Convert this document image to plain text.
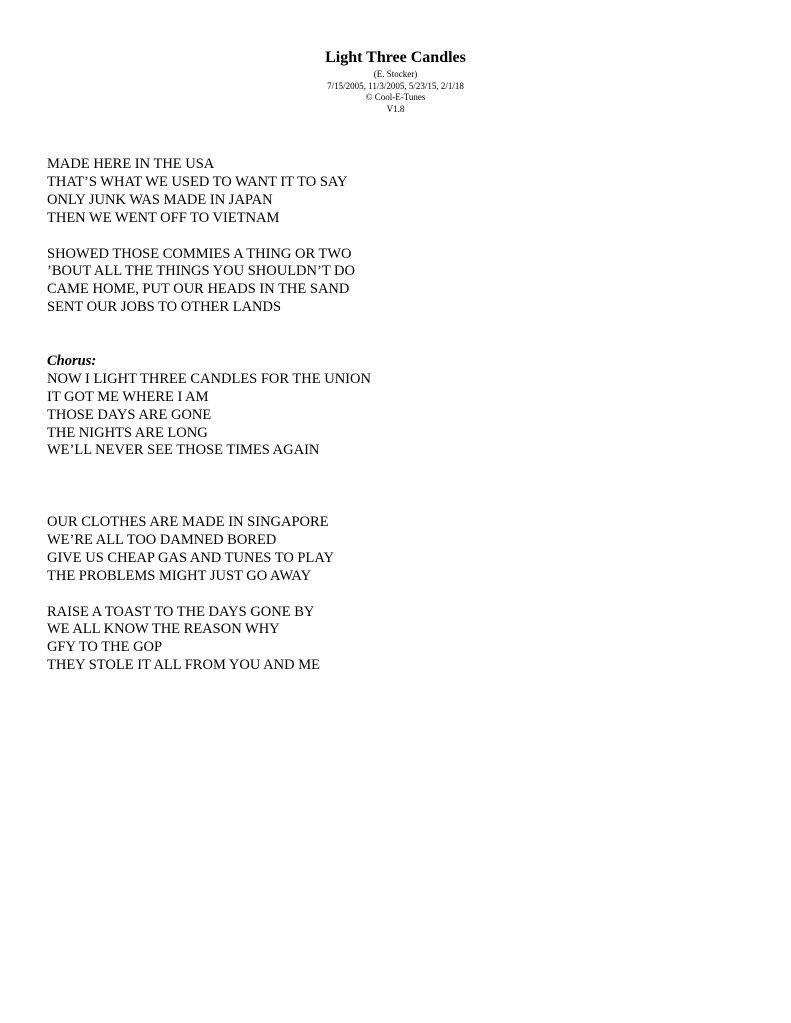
Light Three Candles

(E. Stocker)

7/15/2005, 11/3/2005, 5/23/15, 2/1/18

© Cool-E-Tunes

V1.8

MADE HERE IN THE USA

THAT’S WHAT WE USED TO WANT IT TO SAY

ONLY JUNK WAS MADE IN JAPAN

THEN WE WENT OFF TO VIETNAM

SHOWED THOSE COMMIES A THING OR TWO

’BOUT ALL THE THINGS YOU SHOULDN’T DO

CAME HOME, PUT OUR HEADS IN THE SAND

SENT OUR JOBS TO OTHER LANDS

Chorus:

NOW I LIGHT THREE CANDLES FOR THE UNION

IT GOT ME WHERE I AM

THOSE DAYS ARE GONE

THE NIGHTS ARE LONG

WE’LL NEVER SEE THOSE TIMES AGAIN

OUR CLOTHES ARE MADE IN SINGAPORE

WE’RE ALL TOO DAMNED BORED

GIVE US CHEAP GAS AND TUNES TO PLAY

THE PROBLEMS MIGHT JUST GO AWAY

RAISE A TOAST TO THE DAYS GONE BY

WE ALL KNOW THE REASON WHY

GFY TO THE GOP

THEY STOLE IT ALL FROM YOU AND ME
